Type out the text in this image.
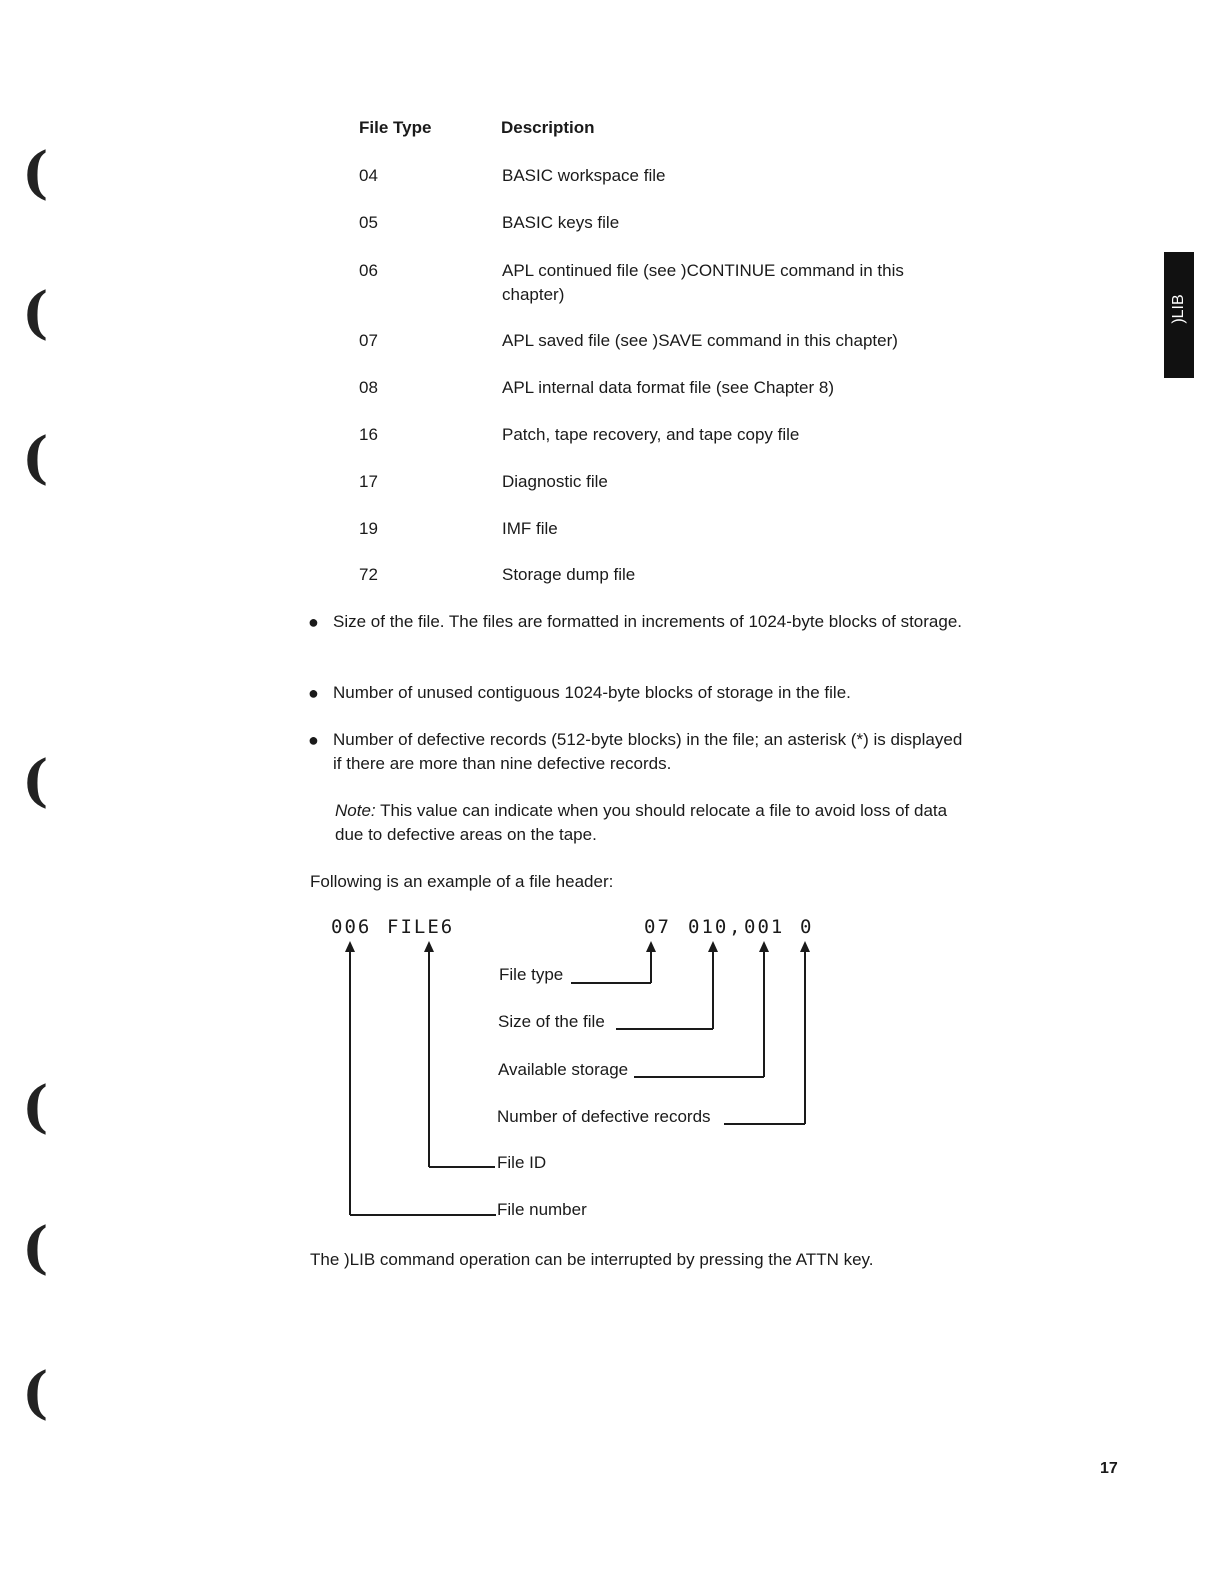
File Type	Description
04	BASIC workspace file
05	BASIC keys file
06	APL continued file (see )CONTINUE command in this chapter)
07	APL saved file (see )SAVE command in this chapter)
08	APL internal data format file (see Chapter 8)
16	Patch, tape recovery, and tape copy file
17	Diagnostic file
19	IMF file
72	Storage dump file
● Size of the file. The files are formatted in increments of 1024-byte blocks of storage.
● Number of unused contiguous 1024-byte blocks of storage in the file.
● Number of defective records (512-byte blocks) in the file; an asterisk (*) is displayed if there are more than nine defective records.
Note: This value can indicate when you should relocate a file to avoid loss of data due to defective areas on the tape.
Following is an example of a file header:
006 FILE6	07 010 , 001 0
File type
Size of the file
Available storage
Number of defective records
File ID
File number
The )LIB command operation can be interrupted by pressing the ATTN key.
)LIB
17
(
(
(
(
(
(
(
